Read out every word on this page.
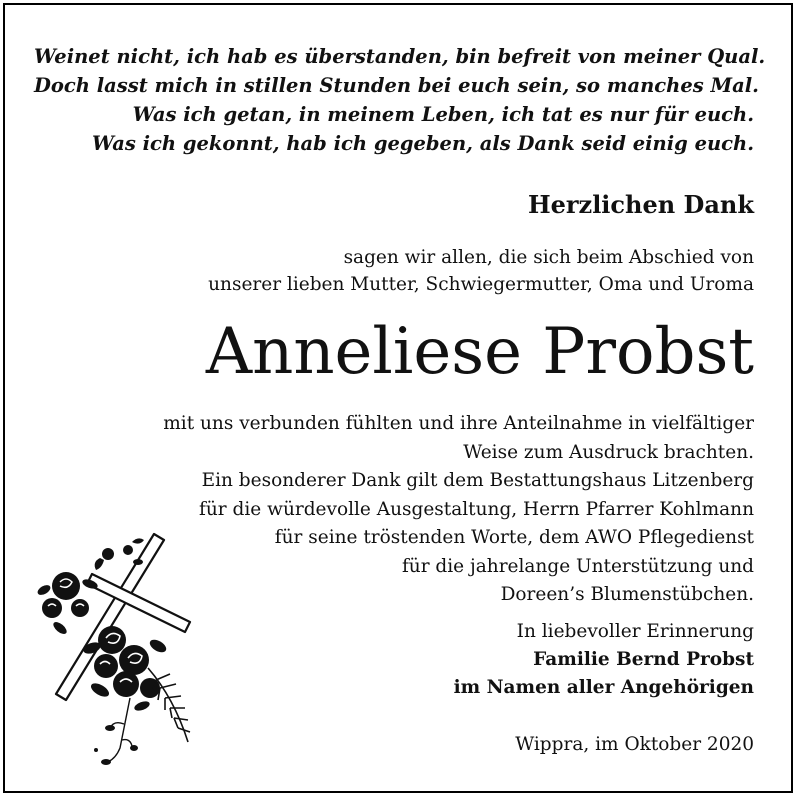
Weinet nicht, ich hab es überstanden, bin befreit von meiner Qual.
Doch lasst mich in stillen Stunden bei euch sein, so manches Mal.
Was ich getan, in meinem Leben, ich tat es nur für euch.
Was ich gekonnt, hab ich gegeben, als Dank seid einig euch.
Herzlichen Dank
sagen wir allen, die sich beim Abschied von
unserer lieben Mutter, Schwiegermutter, Oma und Uroma
Anneliese Probst
mit uns verbunden fühlten und ihre Anteilnahme in vielfältiger
Weise zum Ausdruck brachten.
Ein besonderer Dank gilt dem Bestattungshaus Litzenberg
für die würdevolle Ausgestaltung, Herrn Pfarrer Kohlmann
für seine tröstenden Worte, dem AWO Pflegedienst
für die jahrelange Unterstützung und
Doreen’s Blumenstübchen.
In liebevoller Erinnerung
Familie Bernd Probst
im Namen aller Angehörigen
Wippra, im Oktober 2020
